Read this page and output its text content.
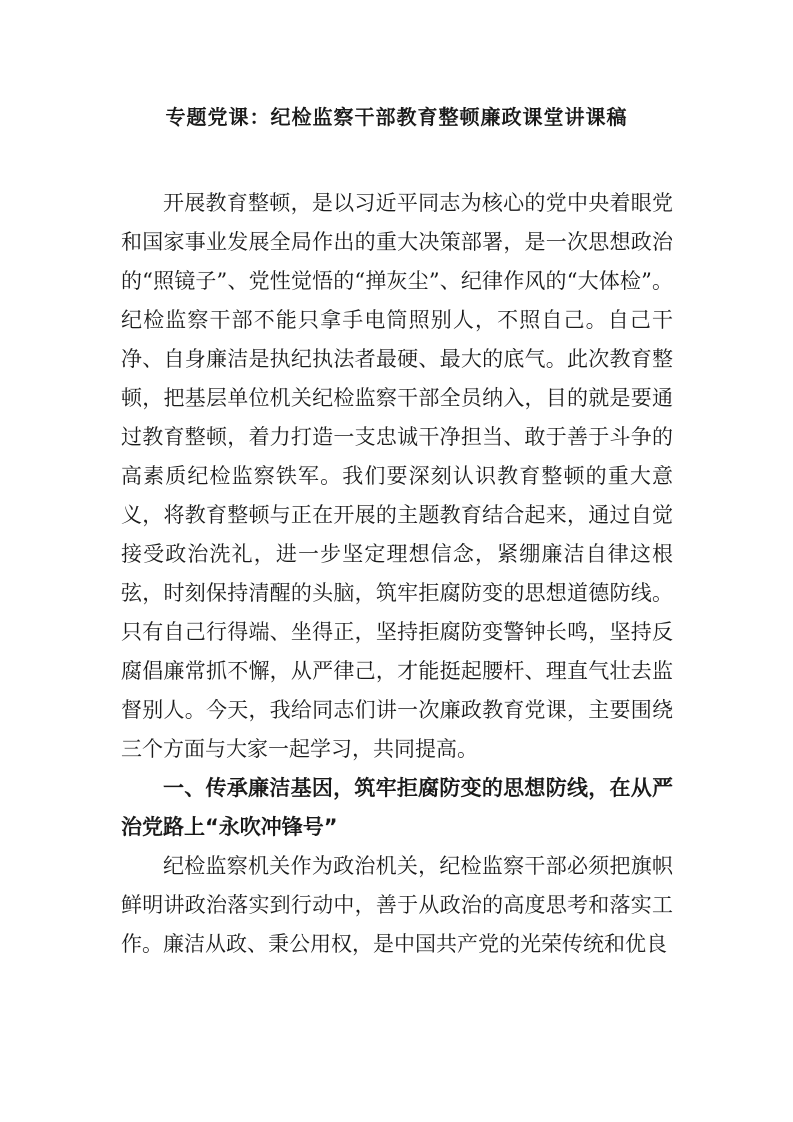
专题党课：纪检监察干部教育整顿廉政课堂讲课稿

开展教育整顿，是以习近平同志为核心的党中央着眼党和国家事业发展全局作出的重大决策部署，是一次思想政治的“照镜子”、党性觉悟的“掸灰尘”、纪律作风的“大体检”。纪检监察干部不能只拿手电筒照别人，不照自己。自己干净、自身廉洁是执纪执法者最硬、最大的底气。此次教育整顿，把基层单位机关纪检监察干部全员纳入，目的就是要通过教育整顿，着力打造一支忠诚干净担当、敢于善于斗争的高素质纪检监察铁军。我们要深刻认识教育整顿的重大意义，将教育整顿与正在开展的主题教育结合起来，通过自觉接受政治洗礼，进一步坚定理想信念，紧绷廉洁自律这根弦，时刻保持清醒的头脑，筑牢拒腐防变的思想道德防线。只有自己行得端、坐得正，坚持拒腐防变警钟长鸣，坚持反腐倡廉常抓不懈，从严律己，才能挺起腰杆、理直气壮去监督别人。今天，我给同志们讲一次廉政教育党课，主要围绕三个方面与大家一起学习，共同提高。

一、传承廉洁基因，筑牢拒腐防变的思想防线，在从严治党路上“永吹冲锋号”

纪检监察机关作为政治机关，纪检监察干部必须把旗帜鲜明讲政治落实到行动中，善于从政治的高度思考和落实工作。廉洁从政、秉公用权，是中国共产党的光荣传统和优良
